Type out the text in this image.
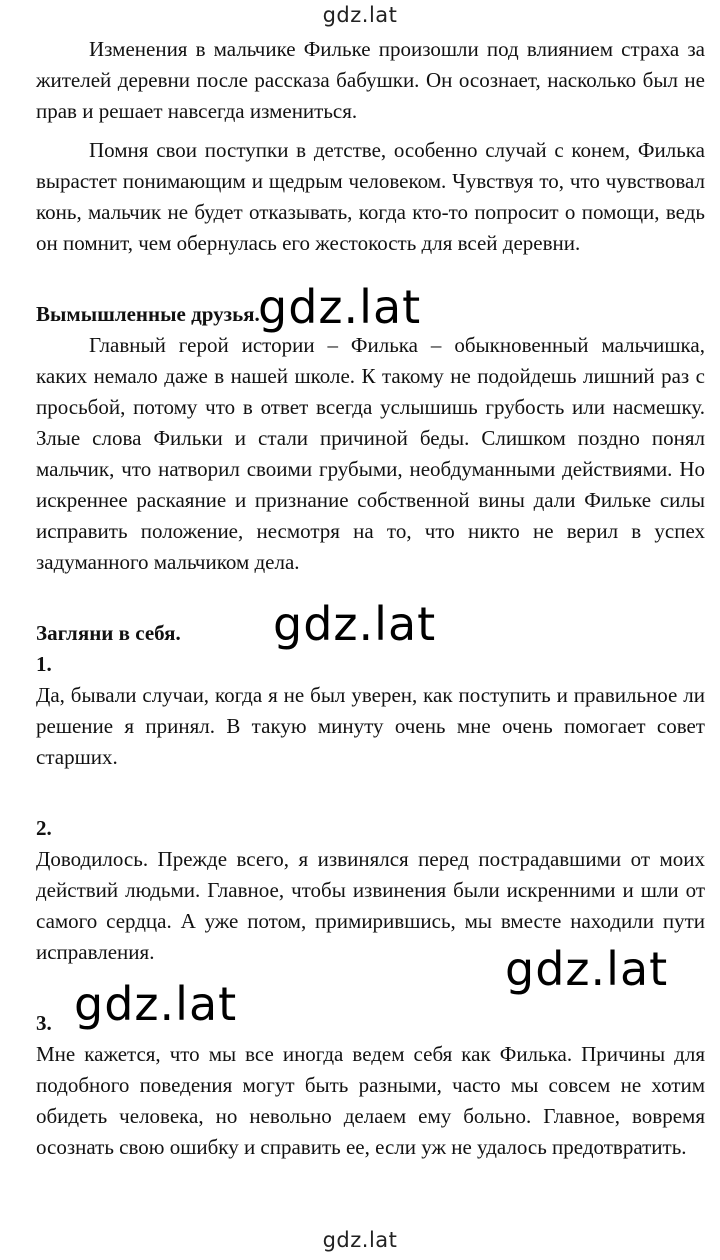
gdz.lat

Изменения в мальчике Фильке произошли под влиянием страха за жителей деревни после рассказа бабушки. Он осознает, насколько был не прав и решает навсегда измениться.

Помня свои поступки в детстве, особенно случай с конем, Филька вырастет понимающим и щедрым человеком. Чувствуя то, что чувствовал конь, мальчик не будет отказывать, когда кто-то попросит о помощи, ведь он помнит, чем обернулась его жестокость для всей деревни.

Вымышленные друзья.

Главный герой истории – Филька – обыкновенный мальчишка, каких немало даже в нашей школе. К такому не подойдешь лишний раз с просьбой, потому что в ответ всегда услышишь грубость или насмешку. Злые слова Фильки и стали причиной беды. Слишком поздно понял мальчик, что натворил своими грубыми, необдуманными действиями. Но искреннее раскаяние и признание собственной вины дали Фильке силы исправить положение, несмотря на то, что никто не верил в успех задуманного мальчиком дела.

Загляни в себя.

1.

Да, бывали случаи, когда я не был уверен, как поступить и правильное ли решение я принял. В такую минуту очень мне очень помогает совет старших.

2.

Доводилось. Прежде всего, я извинялся перед пострадавшими от моих действий людьми. Главное, чтобы извинения были искренними и шли от самого сердца. А уже потом, примирившись, мы вместе находили пути исправления.

3.

Мне кажется, что мы все иногда ведем себя как Филька. Причины для подобного поведения могут быть разными, часто мы совсем не хотим обидеть человека, но невольно делаем ему больно. Главное, вовремя осознать свою ошибку и справить ее, если уж не удалось предотвратить.

gdz.lat
gdz.lat
gdz.lat
gdz.lat
gdz.lat
